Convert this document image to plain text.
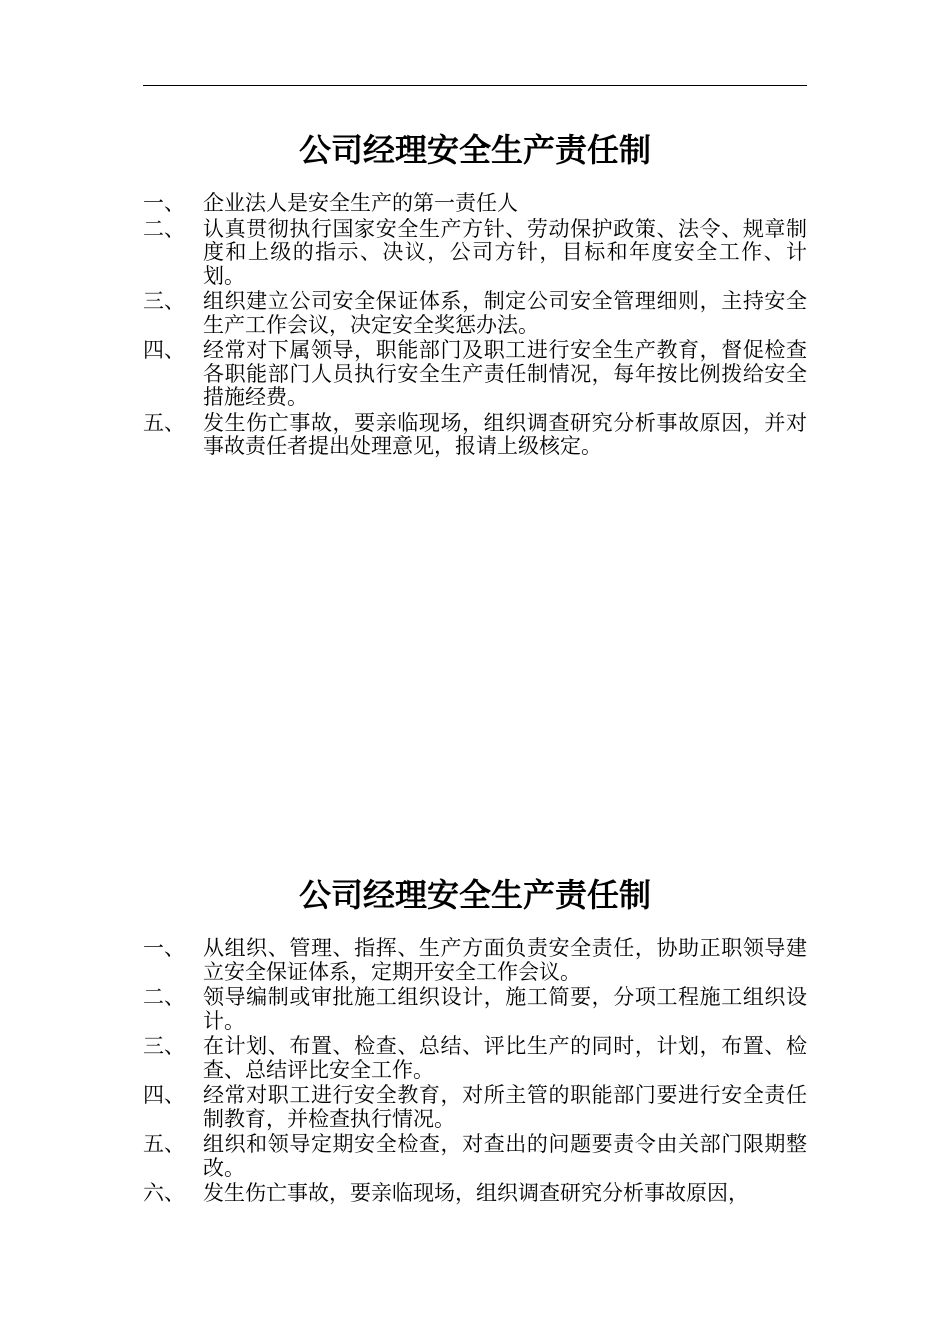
公司经理安全生产责任制
一、 企业法人是安全生产的第一责任人
二、 认真贯彻执行国家安全生产方针、劳动保护政策、法令、规章制度和上级的指示、决议，公司方针，目标和年度安全工作、计划。
三、 组织建立公司安全保证体系，制定公司安全管理细则，主持安全生产工作会议，决定安全奖惩办法。
四、 经常对下属领导，职能部门及职工进行安全生产教育，督促检查各职能部门人员执行安全生产责任制情况，每年按比例拨给安全措施经费。
五、 发生伤亡事故，要亲临现场，组织调查研究分析事故原因，并对事故责任者提出处理意见，报请上级核定。
公司经理安全生产责任制
一、 从组织、管理、指挥、生产方面负责安全责任，协助正职领导建立安全保证体系，定期开安全工作会议。
二、 领导编制或审批施工组织设计，施工简要，分项工程施工组织设计。
三、 在计划、布置、检查、总结、评比生产的同时，计划，布置、检查、总结评比安全工作。
四、 经常对职工进行安全教育，对所主管的职能部门要进行安全责任制教育，并检查执行情况。
五、 组织和领导定期安全检查，对查出的问题要责令由关部门限期整改。
六、 发生伤亡事故，要亲临现场，组织调查研究分析事故原因，
